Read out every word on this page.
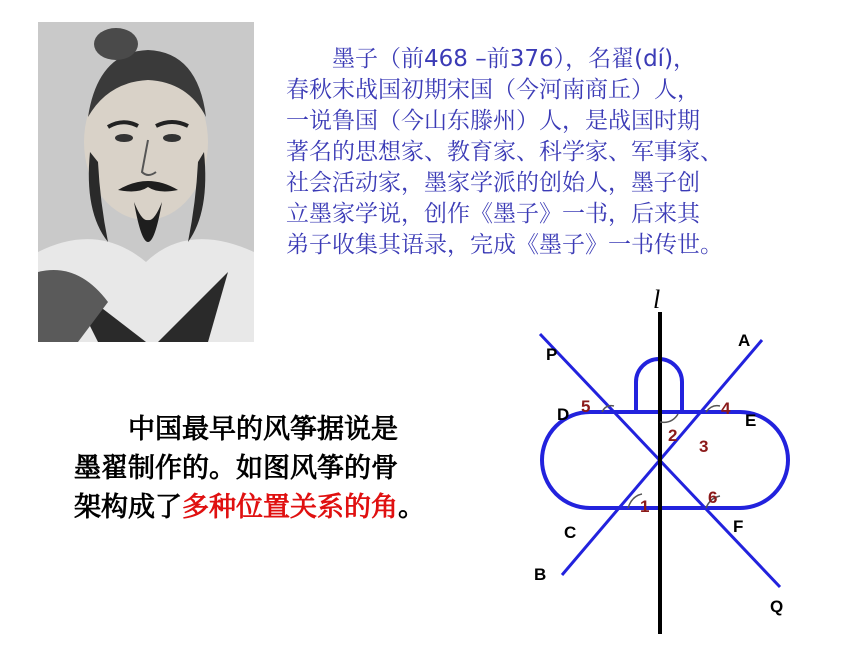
　　墨子（前468 –前376），名翟(dí)，
春秋末战国初期宋国（今河南商丘）人，
一说鲁国（今山东滕州）人，是战国时期
著名的思想家、教育家、科学家、军事家、
社会活动家，墨家学派的创始人，墨子创
立墨家学说，创作《墨子》一书，后来其
弟子收集其语录，完成《墨子》一书传世。
　　中国最早的风筝据说是
墨翟制作的。如图风筝的骨
架构成了多种位置关系的角。
l
P
A
D	E
C	F
B
Q
1
2
3
4
5
6
